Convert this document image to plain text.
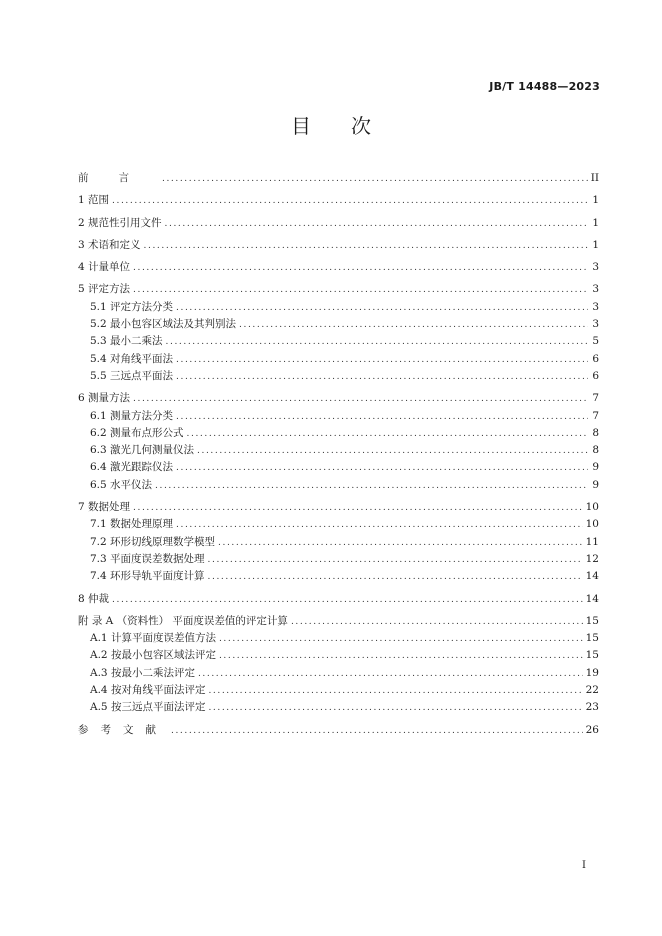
JB/T 14488—2023
目　　次
前言 .....	II
1 范围 .....	1
2 规范性引用文件 .....	1
3 术语和定义 .....	1
4 计量单位 .....	3
5 评定方法 .....	3
5.1 评定方法分类 .....	3
5.2 最小包容区域法及其判别法 .....	3
5.3 最小二乘法 .....	5
5.4 对角线平面法 .....	6
5.5 三远点平面法 .....	6
6 测量方法 .....	7
6.1 测量方法分类 .....	7
6.2 测量布点形公式 .....	8
6.3 激光几何测量仪法 .....	8
6.4 激光跟踪仪法 .....	9
6.5 水平仪法 .....	9
7 数据处理 .....	10
7.1 数据处理原理 .....	10
7.2 环形切线原理数学模型 .....	11
7.3 平面度误差数据处理 .....	12
7.4 环形导轨平面度计算 .....	14
8 仲裁 .....	14
附 录 A （资料性） 平面度误差值的评定计算 .....	15
A.1 计算平面度误差值方法 .....	15
A.2 按最小包容区域法评定 .....	15
A.3 按最小二乘法评定 .....	19
A.4 按对角线平面法评定 .....	22
A.5 按三远点平面法评定 .....	23
参考文献 .....	26
I
